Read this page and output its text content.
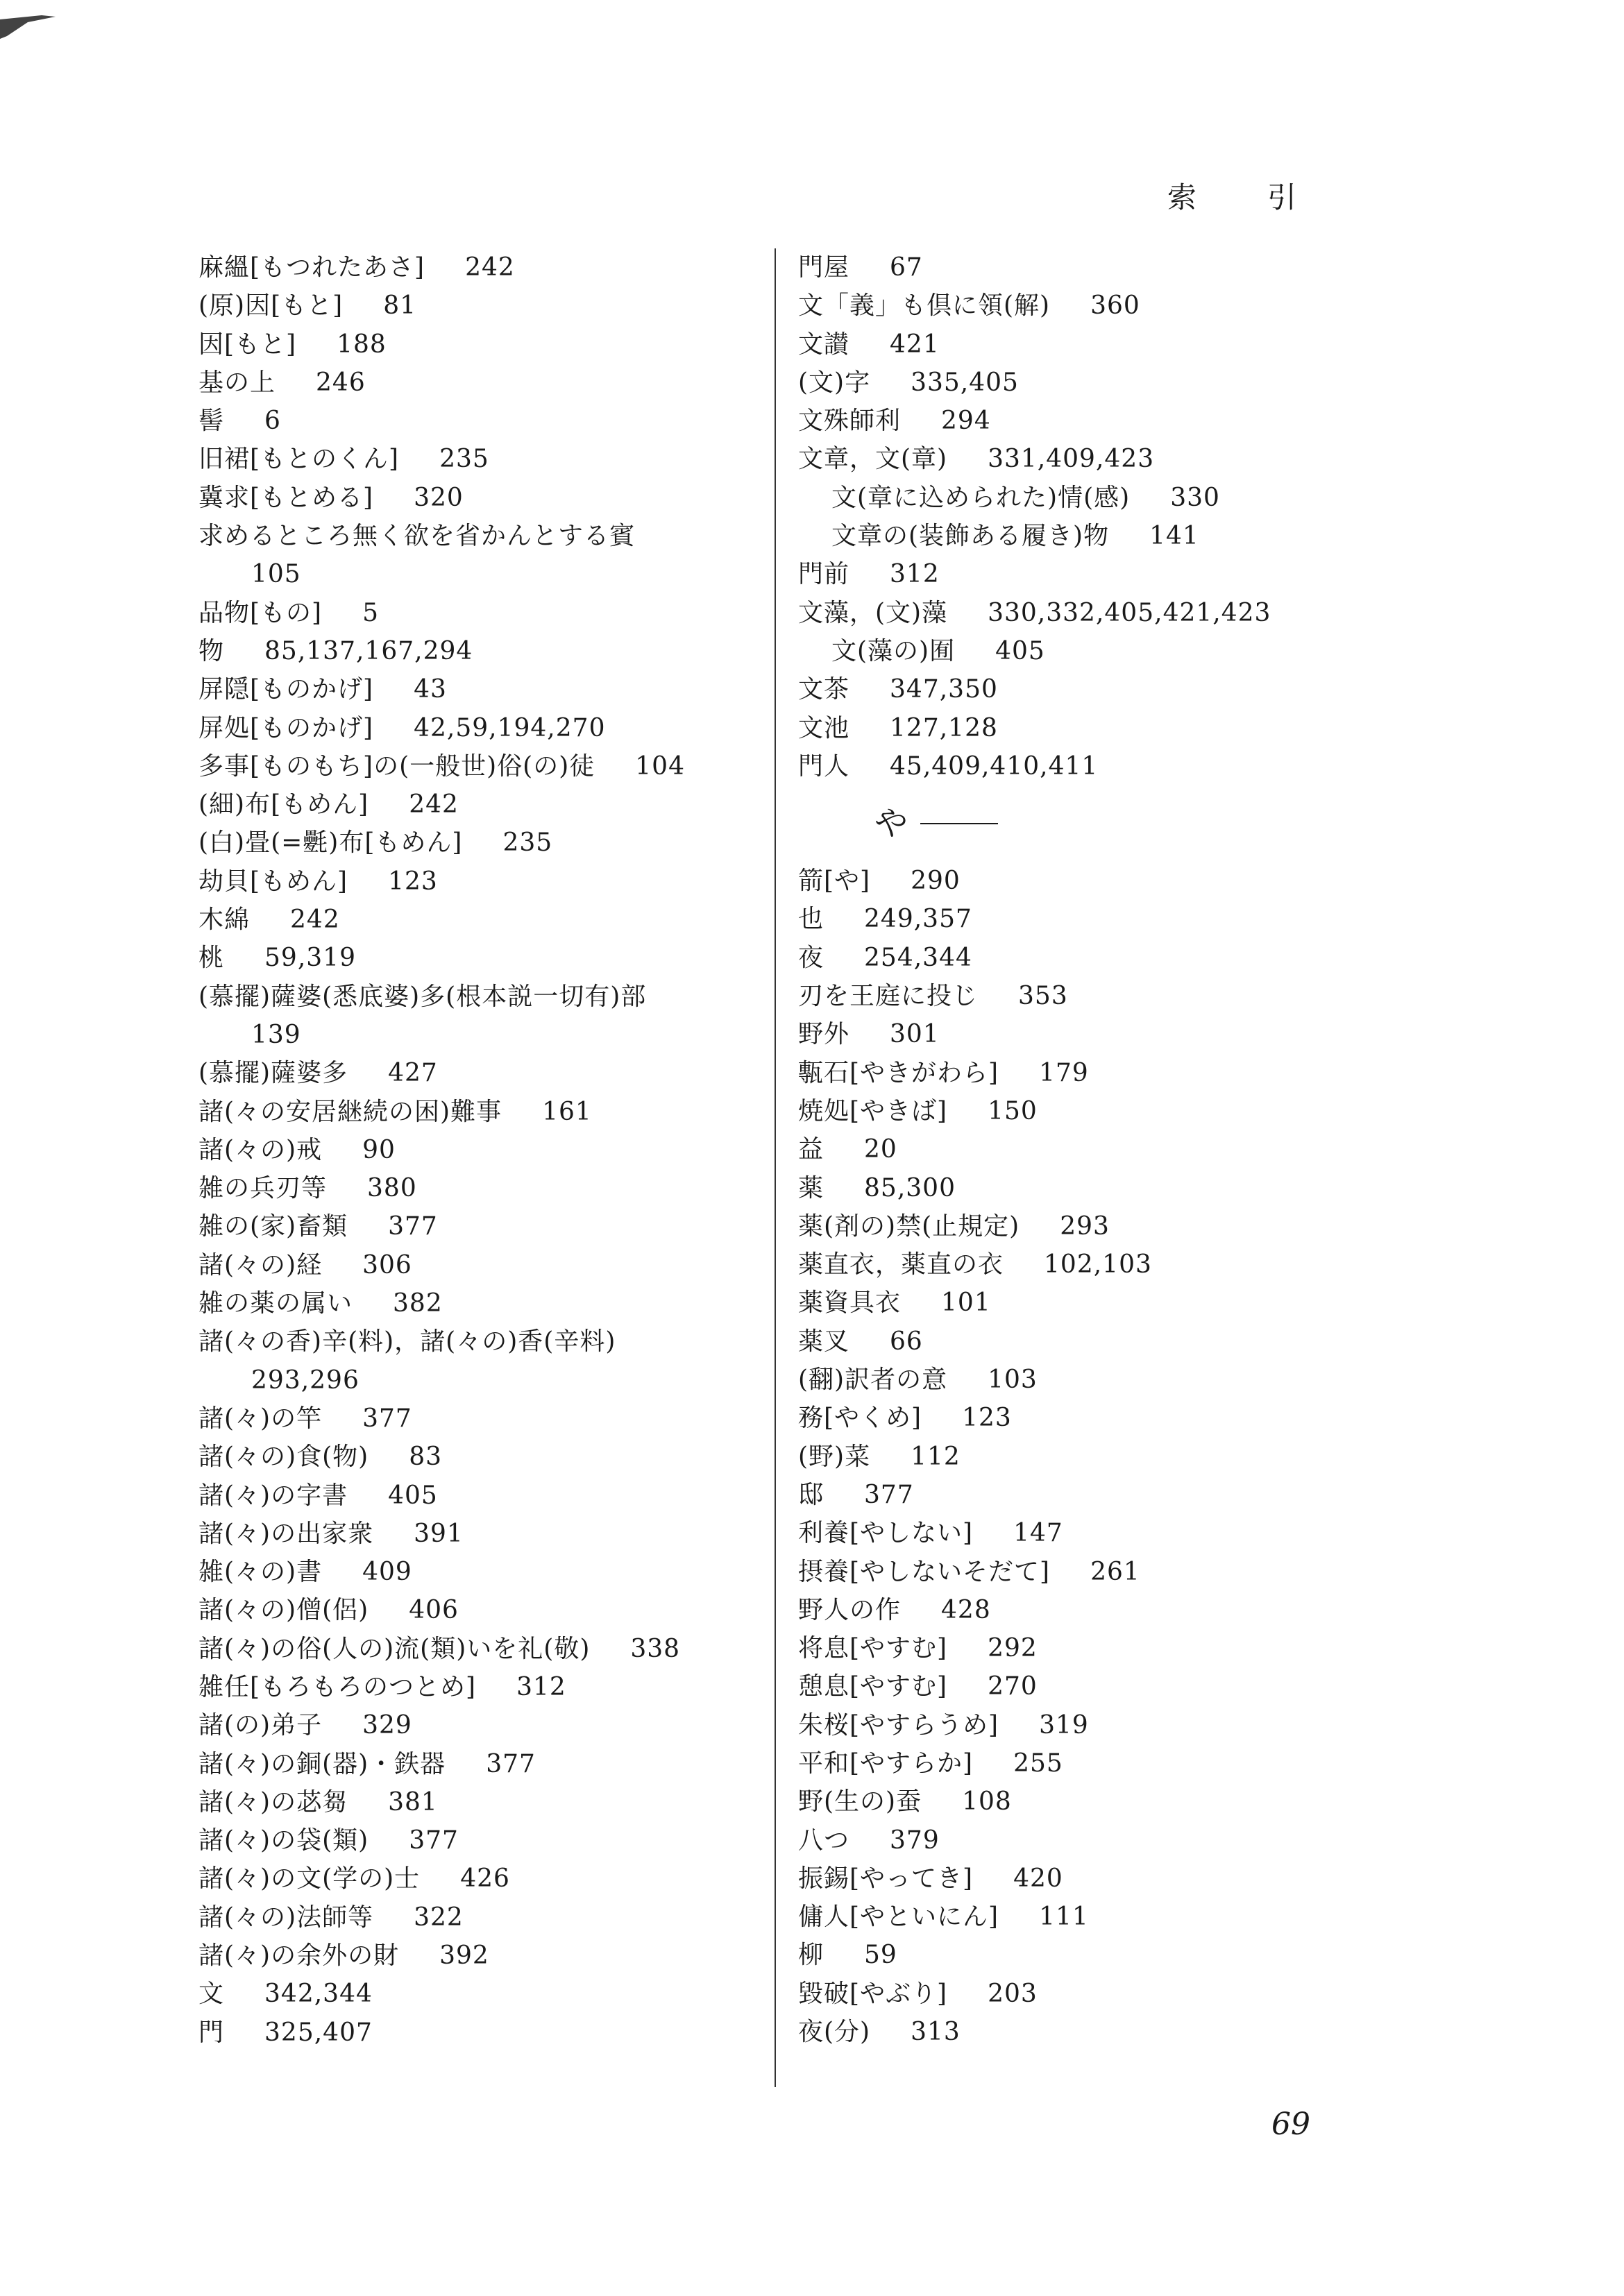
索　引
麻縕[もつれたあさ] 242
(原)因[もと] 81
因[もと] 188
基の上 246
髻 6
旧裙[もとのくん] 235
冀求[もとめる] 320
求めるところ無く欲を省かんとする賓
105
品物[もの] 5
物 85,137,167,294
屏隠[ものかげ] 43
屏処[ものかげ] 42,59,194,270
多事[ものもち]の(一般世)俗(の)徒 104
(細)布[もめん] 242
(白)畳(=氎)布[もめん] 235
劫貝[もめん] 123
木綿 242
桃 59,319
(慕擺)薩婆(悉底婆)多(根本説一切有)部
139
(慕擺)薩婆多 427
諸(々の安居継続の困)難事 161
諸(々の)戒 90
雑の兵刃等 380
雑の(家)畜類 377
諸(々の)経 306
雑の薬の属い 382
諸(々の香)辛(料)，諸(々の)香(辛料)
293,296
諸(々)の竿 377
諸(々の)食(物) 83
諸(々)の字書 405
諸(々)の出家衆 391
雑(々の)書 409
諸(々の)僧(侶) 406
諸(々)の俗(人の)流(類)いを礼(敬) 338
雑任[もろもろのつとめ] 312
諸(の)弟子 329
諸(々)の銅(器)・鉄器 377
諸(々)の苾芻 381
諸(々)の袋(類) 377
諸(々)の文(学の)士 426
諸(々の)法師等 322
諸(々)の余外の財 392
文 342,344
門 325,407
門屋 67
文「義」も倶に領(解) 360
文讃 421
(文)字 335,405
文殊師利 294
文章，文(章) 331,409,423
文(章に込められた)情(感) 330
文章の(装飾ある履き)物 141
門前 312
文藻，(文)藻 330,332,405,421,423
文(藻の)囿 405
文茶 347,350
文池 127,128
門人 45,409,410,411
や
箭[や] 290
也 249,357
夜 254,344
刃を王庭に投じ 353
野外 301
甎石[やきがわら] 179
焼処[やきば] 150
益 20
薬 85,300
薬(剤の)禁(止規定) 293
薬直衣，薬直の衣 102,103
薬資具衣 101
薬叉 66
(翻)訳者の意 103
務[やくめ] 123
(野)菜 112
邸 377
利養[やしない] 147
摂養[やしないそだて] 261
野人の作 428
将息[やすむ] 292
憩息[やすむ] 270
朱桜[やすらうめ] 319
平和[やすらか] 255
野(生の)蚕 108
八つ 379
振錫[やってき] 420
傭人[やといにん] 111
柳 59
毀破[やぶり] 203
夜(分) 313
69
